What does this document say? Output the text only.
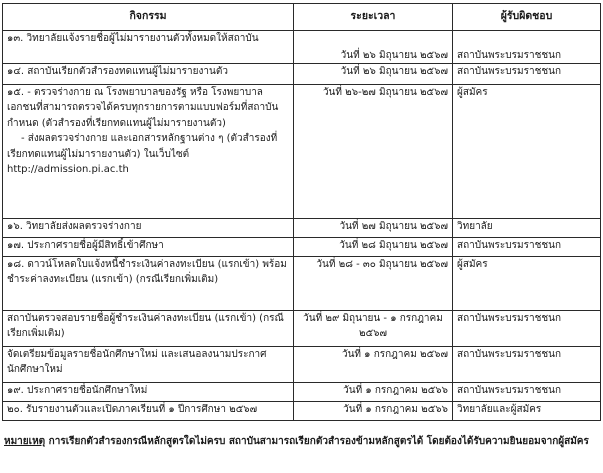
กิจกรรม	ระยะเวลา	ผู้รับผิดชอบ
๑๓. วิทยาลัยแจ้งรายชื่อผู้ไม่มารายงานตัวทั้งหมดให้สถาบัน	วันที่ ๒๖ มิถุนายน ๒๕๖๗	สถาบันพระบรมราชชนก
๑๔. สถาบันเรียกตัวสำรองทดแทนผู้ไม่มารายงานตัว	วันที่ ๒๖ มิถุนายน ๒๕๖๗	สถาบันพระบรมราชชนก
๑๕. - ตรวจร่างกาย ณ โรงพยาบาลของรัฐ หรือ โรงพยาบาลเอกชนที่สามารถตรวจได้ครบทุกรายการตามแบบฟอร์มที่สถาบันกำหนด (ตัวสำรองที่เรียกทดแทนผู้ไม่มารายงานตัว)
- ส่งผลตรวจร่างกาย และเอกสารหลักฐานต่าง ๆ (ตัวสำรองที่เรียกทดแทนผู้ไม่มารายงานตัว) ในเว็บไซต์
http://admission.pi.ac.th	วันที่ ๒๖-๒๗ มิถุนายน ๒๕๖๗	ผู้สมัคร
๑๖. วิทยาลัยส่งผลตรวจร่างกาย	วันที่ ๒๗ มิถุนายน ๒๕๖๗	วิทยาลัย
๑๗. ประกาศรายชื่อผู้มีสิทธิ์เข้าศึกษา	วันที่ ๒๘ มิถุนายน ๒๕๖๗	สถาบันพระบรมราชชนก
๑๘. ดาวน์โหลดใบแจ้งหนี้ชำระเงินค่าลงทะเบียน (แรกเข้า) พร้อมชำระค่าลงทะเบียน (แรกเข้า) (กรณีเรียกเพิ่มเติม)	วันที่ ๒๘ - ๓๐ มิถุนายน ๒๕๖๗	ผู้สมัคร
สถาบันตรวจสอบรายชื่อผู้ชำระเงินค่าลงทะเบียน (แรกเข้า) (กรณีเรียกเพิ่มเติม)	วันที่ ๒๙ มิถุนายน - ๑ กรกฎาคม ๒๕๖๗	สถาบันพระบรมราชชนก
จัดเตรียมข้อมูลรายชื่อนักศึกษาใหม่ และเสนอลงนามประกาศนักศึกษาใหม่	วันที่ ๑ กรกฎาคม ๒๕๖๗	สถาบันพระบรมราชชนก
๑๙. ประกาศรายชื่อนักศึกษาใหม่	วันที่ ๑ กรกฎาคม ๒๕๖๖	สถาบันพระบรมราชชนก
๒๐. รับรายงานตัวและเปิดภาคเรียนที่ ๑ ปีการศึกษา ๒๕๖๗	วันที่ ๑ กรกฎาคม ๒๕๖๖	วิทยาลัยและผู้สมัคร
หมายเหตุ การเรียกตัวสำรองกรณีหลักสูตรใดไม่ครบ สถาบันสามารถเรียกตัวสำรองข้ามหลักสูตรได้ โดยต้องได้รับความยินยอมจากผู้สมัคร
